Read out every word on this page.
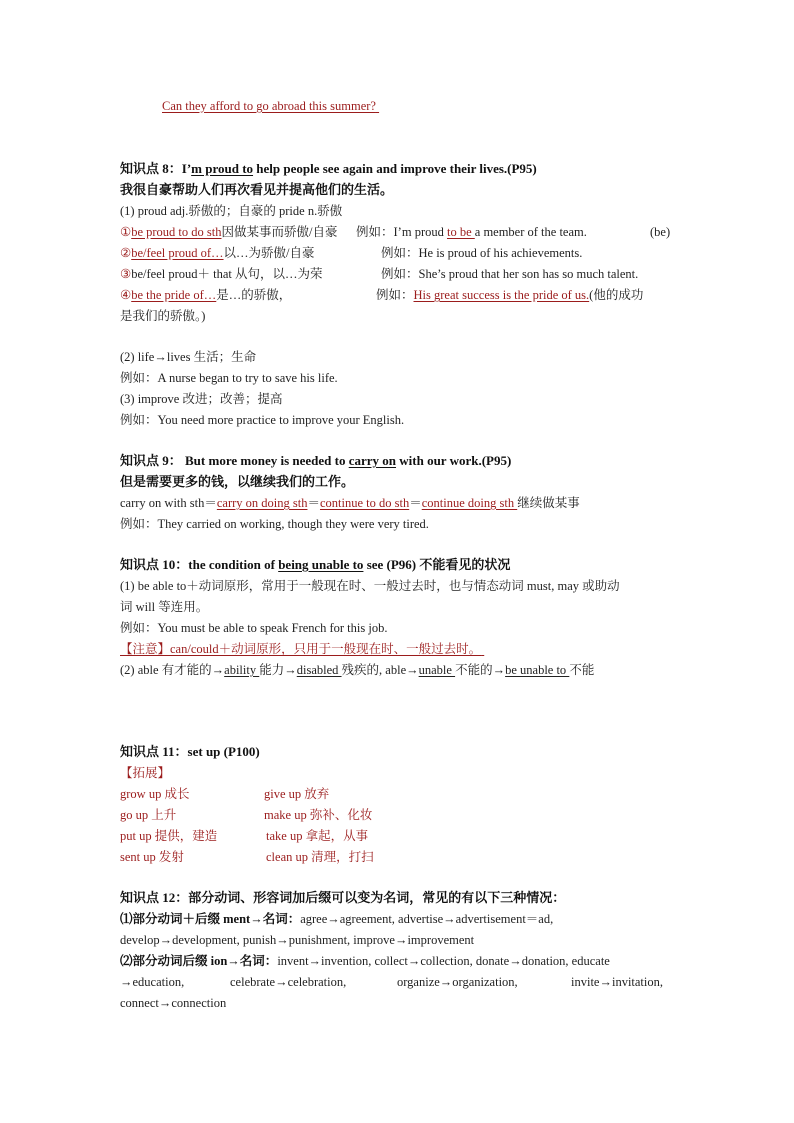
Can they afford to go abroad this summer?
知识点 8：I’m proud to help people see again and improve their lives.(P95)
我很自豪帮助人们再次看见并提高他们的生活。
(1) proud adj.骄傲的；自豪的 pride n.骄傲
①be proud to do sth因做某事而骄傲/自豪 例如：I’m proud to be a member of the team.	(be)
②be/feel proud of…以…为骄傲/自豪	例如：He is proud of his achievements.
③be/feel proud＋ that 从句，以…为荣	例如：She’s proud that her son has so much talent.
④be the pride of…是…的骄傲，	例如：His great success is the pride of us.(他的成功
是我们的骄傲。)
(2) life→lives 生活；生命
例如：A nurse began to try to save his life.
(3) improve 改进；改善；提高
例如：You need more practice to improve your English.
知识点 9： But more money is needed to carry on with our work.(P95)
但是需要更多的钱，以继续我们的工作。
carry on with sth＝carry on doing sth＝continue to do sth＝continue doing sth 继续做某事
例如：They carried on working, though they were very tired.
知识点 10：the condition of being unable to see (P96) 不能看见的状况
(1) be able to＋动词原形，常用于一般现在时、一般过去时，也与情态动词 must, may 或助动
词 will 等连用。
例如：You must be able to speak French for this job.
【注意】can/could＋动词原形，只用于一般现在时、一般过去时。
(2) able 有才能的→ability 能力→disabled 残疾的, able→unable 不能的→be unable to 不能
知识点 11：set up (P100)
【拓展】
grow up 成长	give up 放弃
go up 上升	make up 弥补、化妆
put up 提供，建造	take up 拿起，从事
sent up 发射	clean up 清理，打扫
知识点 12：部分动词、形容词加后缀可以变为名词，常见的有以下三种情况：
⑴部分动词＋后缀 ment→名词：agree→agreement, advertise→advertisement＝ad,
develop→development, punish→punishment, improve→improvement
⑵部分动词后缀 ion→名词：invent→invention, collect→collection, donate→donation, educate
→education,	celebrate→celebration,	organize→organization,	invite→invitation,
connect→connection
